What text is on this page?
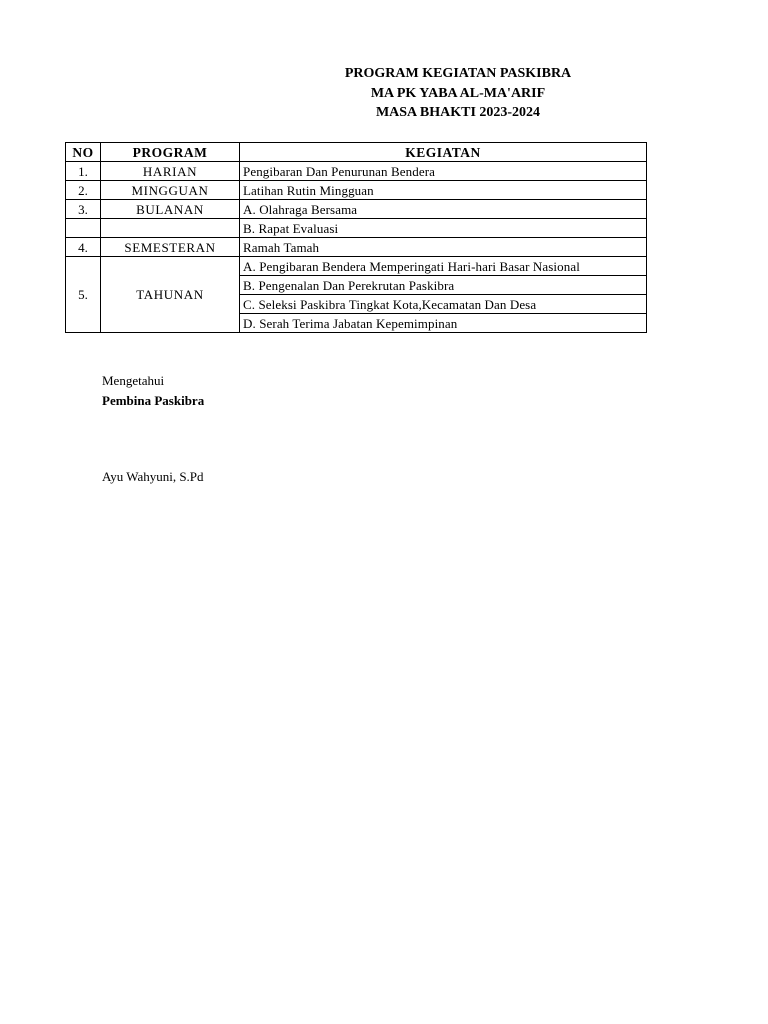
PROGRAM KEGIATAN PASKIBRA
MA PK YABA AL-MA'ARIF
MASA BHAKTI 2023-2024
NO	PROGRAM	KEGIATAN
1.	HARIAN	Pengibaran Dan Penurunan Bendera
2.	MINGGUAN	Latihan Rutin Mingguan
3.	BULANAN	A. Olahraga Bersama
		B. Rapat Evaluasi
4.	SEMESTERAN	Ramah Tamah
5.	TAHUNAN	A. Pengibaran Bendera Memperingati Hari-hari Basar Nasional
		B. Pengenalan Dan Perekrutan Paskibra
		C. Seleksi Paskibra Tingkat Kota,Kecamatan Dan Desa
		D. Serah Terima Jabatan Kepemimpinan
Mengetahui
Pembina Paskibra
Ayu Wahyuni, S.Pd
